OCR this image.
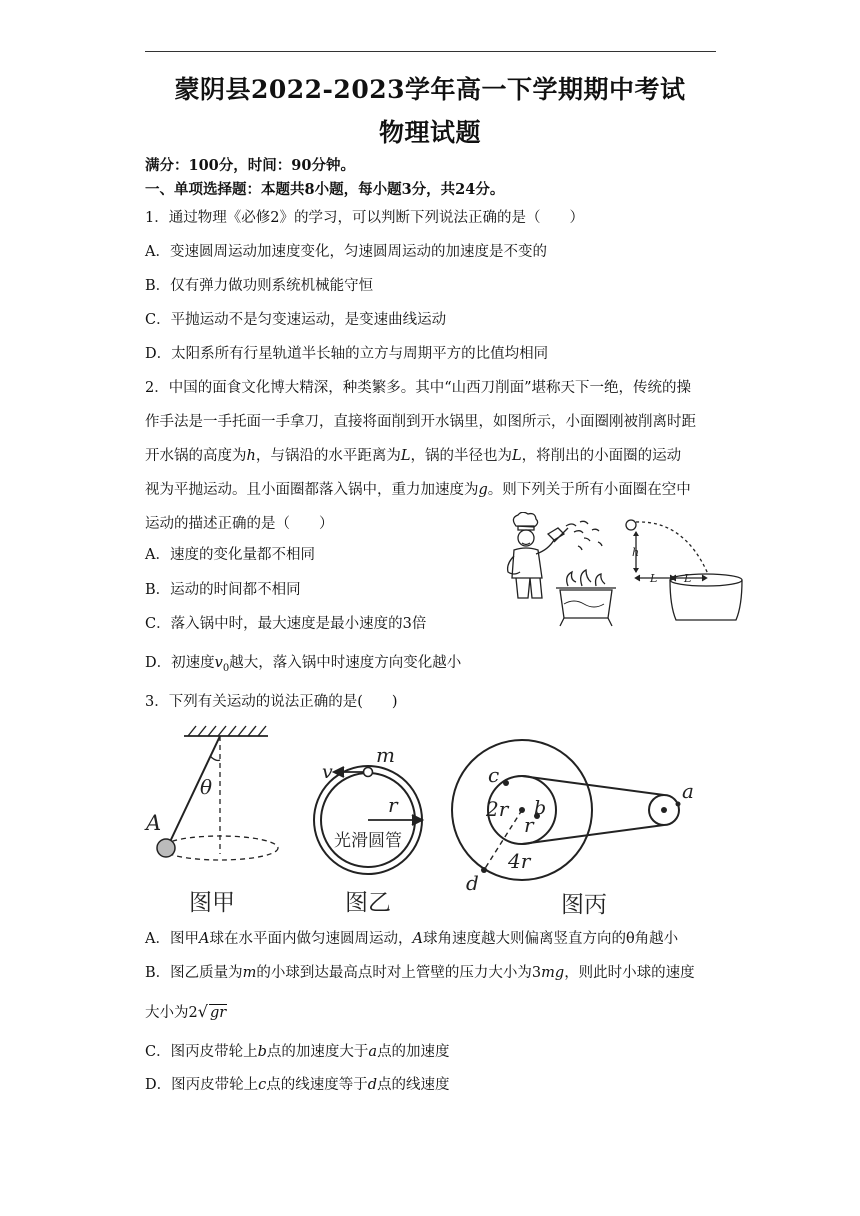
蒙阴县2022-2023学年高一下学期期中考试
物理试题
满分：100分，时间：90分钟。
一、单项选择题：本题共8小题，每小题3分，共24分。
1．通过物理《必修2》的学习，可以判断下列说法正确的是（　　）
A．变速圆周运动加速度变化，匀速圆周运动的加速度是不变的
B．仅有弹力做功则系统机械能守恒
C．平抛运动不是匀变速运动，是变速曲线运动
D．太阳系所有行星轨道半长轴的立方与周期平方的比值均相同
2．中国的面食文化博大精深，种类繁多。其中“山西刀削面”堪称天下一绝，传统的操
作手法是一手托面一手拿刀，直接将面削到开水锅里，如图所示，小面圈刚被削离时距
开水锅的高度为h，与锅沿的水平距离为L，锅的半径也为L，将削出的小面圈的运动
视为平抛运动。且小面圈都落入锅中，重力加速度为g。则下列关于所有小面圈在空中
运动的描述正确的是（　　）
A．速度的变化量都不相同
B．运动的时间都不相同
C．落入锅中时，最大速度是最小速度的3倍
D．初速度$v_0$越大，落入锅中时速度方向变化越小
h
L L
3．下列有关运动的说法正确的是(　　)
θ
A
图甲
v
m
r
光滑圆管
图乙
c
2r b
r
4r
d
a
图丙
A．图甲A球在水平面内做匀速圆周运动，A球角速度越大则偏离竖直方向的θ角越小
B．图乙质量为m的小球到达最高点时对上管壁的压力大小为3mg，则此时小球的速度
大小为2√ gr
C．图丙皮带轮上b点的加速度大于a点的加速度
D．图丙皮带轮上c点的线速度等于d点的线速度
